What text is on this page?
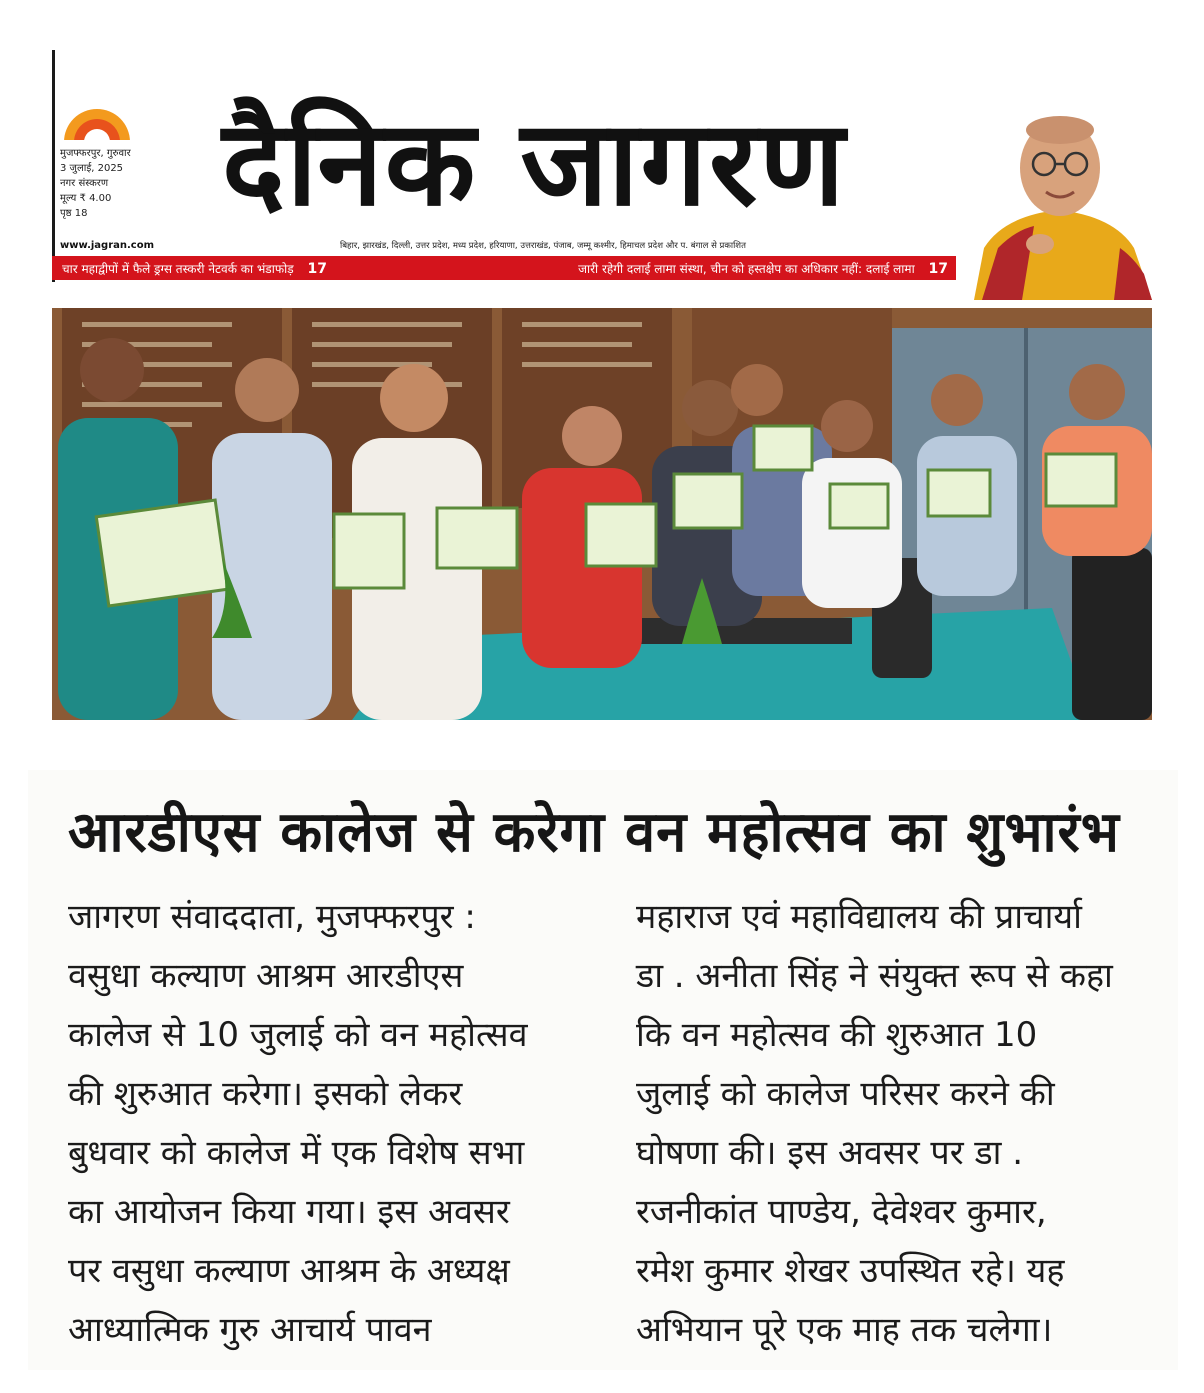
मुजफ्फरपुर, गुरुवार
3 जुलाई, 2025
नगर संस्करण
मूल्य ₹ 4.00
पृष्ठ 18	दैनिक जागरण
www.jagran.com	बिहार, झारखंड, दिल्ली, उत्तर प्रदेश, मध्य प्रदेश, हरियाणा, उत्तराखंड, पंजाब, जम्मू कश्मीर, हिमाचल प्रदेश और प. बंगाल से प्रकाशित
चार महाद्वीपों में फैले ड्रग्स तस्करी नेटवर्क का भंडाफोड़ 17	जारी रहेगी दलाई लामा संस्था, चीन को हस्तक्षेप का अधिकार नहीं: दलाई लामा 17
आरडीएस कालेज से करेगा वन महोत्सव का शुभारंभ

जागरण संवाददाता, मुजफ्फरपुर :

वसुधा कल्याण आश्रम आरडीएस

कालेज से 10 जुलाई को वन महोत्सव

की शुरुआत करेगा। इसको लेकर

बुधवार को कालेज में एक विशेष सभा

का आयोजन किया गया। इस अवसर

पर वसुधा कल्याण आश्रम के अध्यक्ष

आध्यात्मिक गुरु आचार्य पावन

महाराज एवं महाविद्यालय की प्राचार्या

डा . अनीता सिंह ने संयुक्त रूप से कहा

कि वन महोत्सव की शुरुआत 10

जुलाई को कालेज परिसर करने की

घोषणा की। इस अवसर पर डा .

रजनीकांत पाण्डेय, देवेश्वर कुमार,

रमेश कुमार शेखर उपस्थित रहे। यह

अभियान पूरे एक माह तक चलेगा।
